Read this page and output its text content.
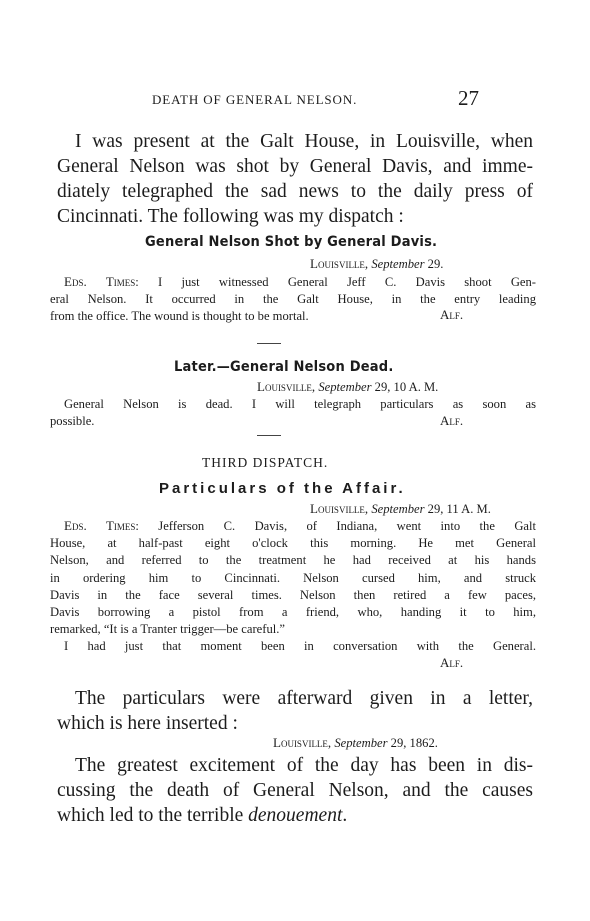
DEATH OF GENERAL NELSON.	27
I was present at the Galt House, in Louisville, when
General Nelson was shot by General Davis, and imme-
diately telegraphed the sad news to the daily press of
Cincinnati. The following was my dispatch :
General Nelson Shot by General Davis.
Louisville, September 29.
Eds. Times: I just witnessed General Jeff C. Davis shoot Gen-
eral Nelson. It occurred in the Galt House, in the entry leading
from the office. The wound is thought to be mortal.	Alf.
Later.—General Nelson Dead.
Louisville, September 29, 10 A. M.
General Nelson is dead. I will telegraph particulars as soon as
possible.	Alf.
THIRD DISPATCH.
Particulars of the Affair.
Louisville, September 29, 11 A. M.
Eds. Times: Jefferson C. Davis, of Indiana, went into the Galt
House, at half-past eight o'clock this morning. He met General
Nelson, and referred to the treatment he had received at his hands
in ordering him to Cincinnati. Nelson cursed him, and struck
Davis in the face several times. Nelson then retired a few paces,
Davis borrowing a pistol from a friend, who, handing it to him,
remarked, “It is a Tranter trigger—be careful.”
I had just that moment been in conversation with the General.
Alf.
The particulars were afterward given in a letter,
which is here inserted :
Louisville, September 29, 1862.
The greatest excitement of the day has been in dis-
cussing the death of General Nelson, and the causes
which led to the terrible denouement.
